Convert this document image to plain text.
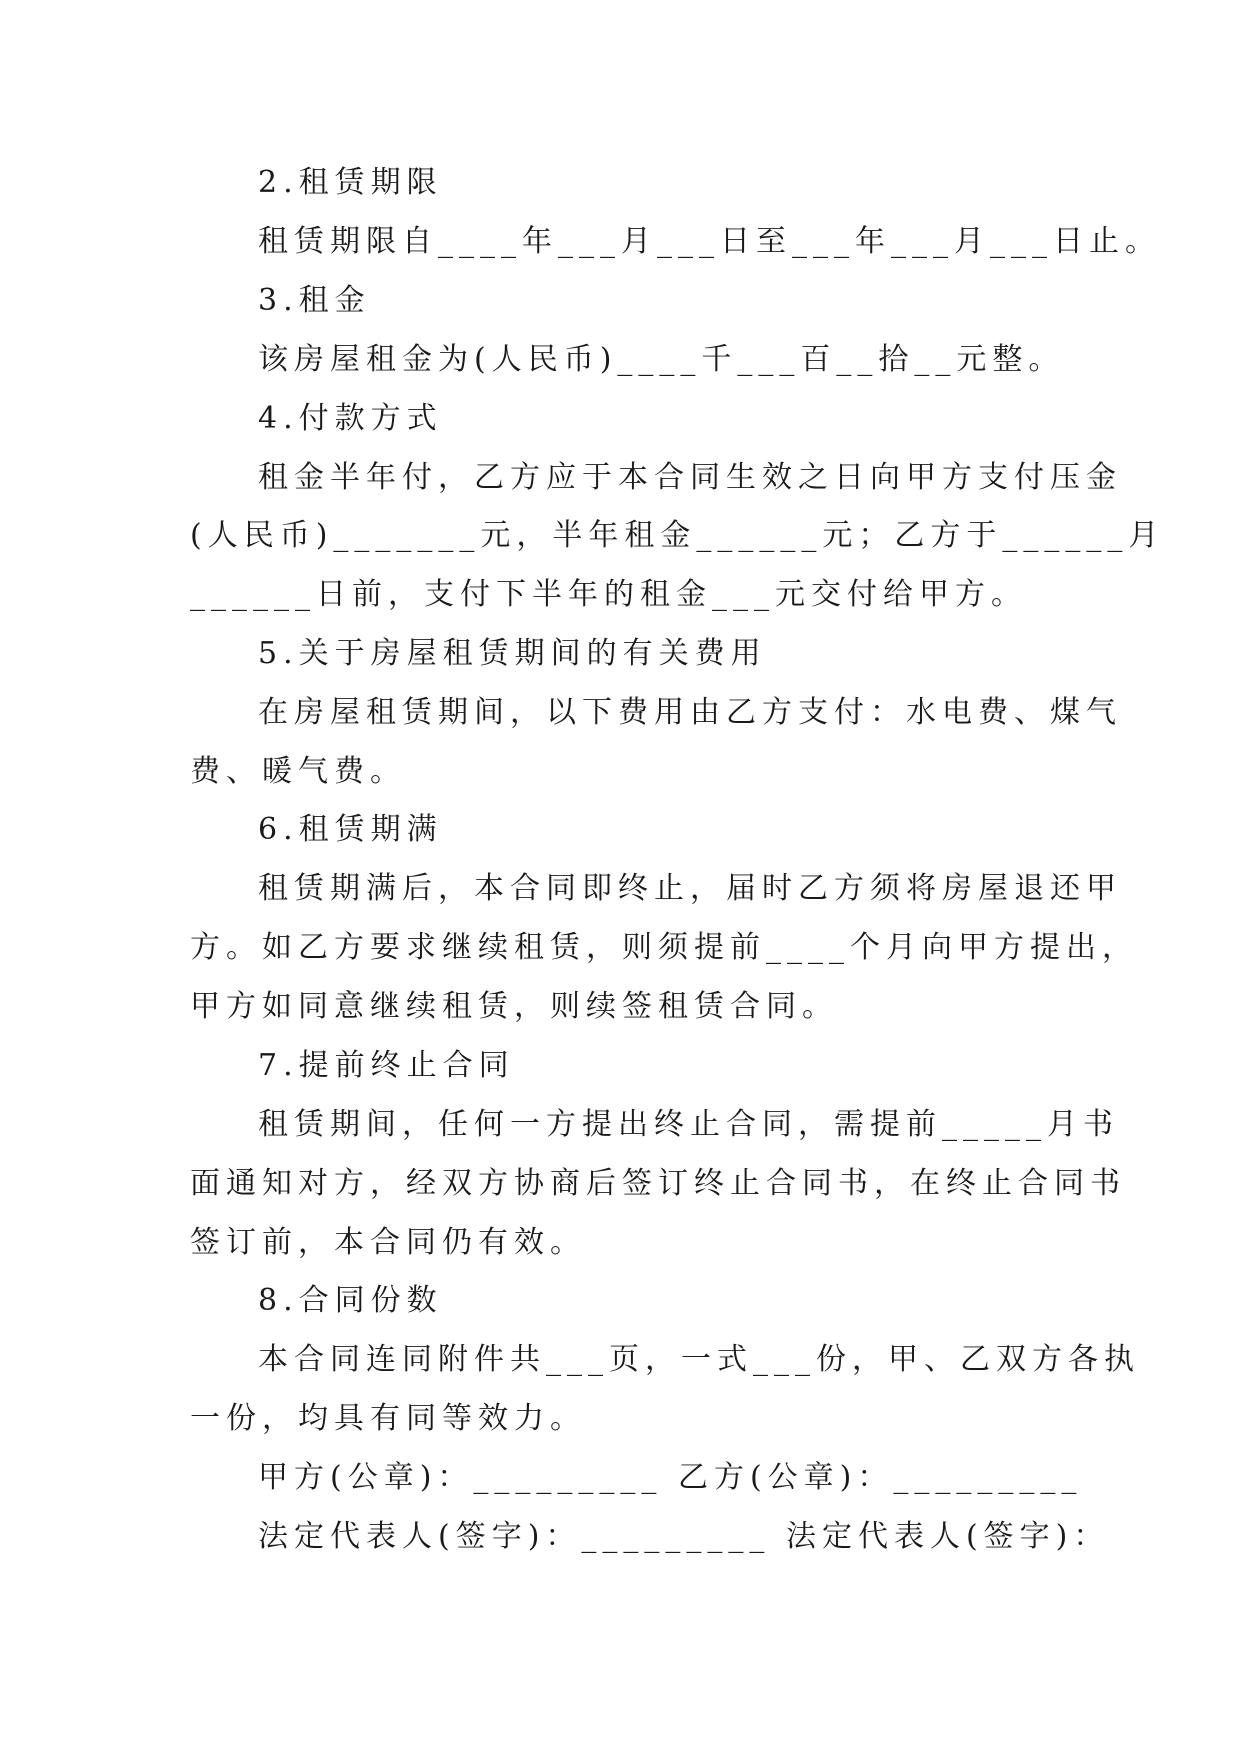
2.租赁期限

租赁期限自____年___月___日至___年___月___日止。

3.租金

该房屋租金为(人民币)____千___百__拾__元整。

4.付款方式

租金半年付，乙方应于本合同生效之日向甲方支付压金

(人民币)_______元，半年租金______元；乙方于______月

______日前，支付下半年的租金___元交付给甲方。

5.关于房屋租赁期间的有关费用

在房屋租赁期间，以下费用由乙方支付：水电费、煤气

费、暖气费。

6.租赁期满

租赁期满后，本合同即终止，届时乙方须将房屋退还甲

方。如乙方要求继续租赁，则须提前____个月向甲方提出，

甲方如同意继续租赁，则续签租赁合同。

7.提前终止合同

租赁期间，任何一方提出终止合同，需提前_____月书

面通知对方，经双方协商后签订终止合同书，在终止合同书

签订前，本合同仍有效。

8.合同份数

本合同连同附件共___页，一式___份，甲、乙双方各执

一份，均具有同等效力。

甲方(公章)：_________ 乙方(公章)：_________

法定代表人(签字)：_________ 法定代表人(签字)：
